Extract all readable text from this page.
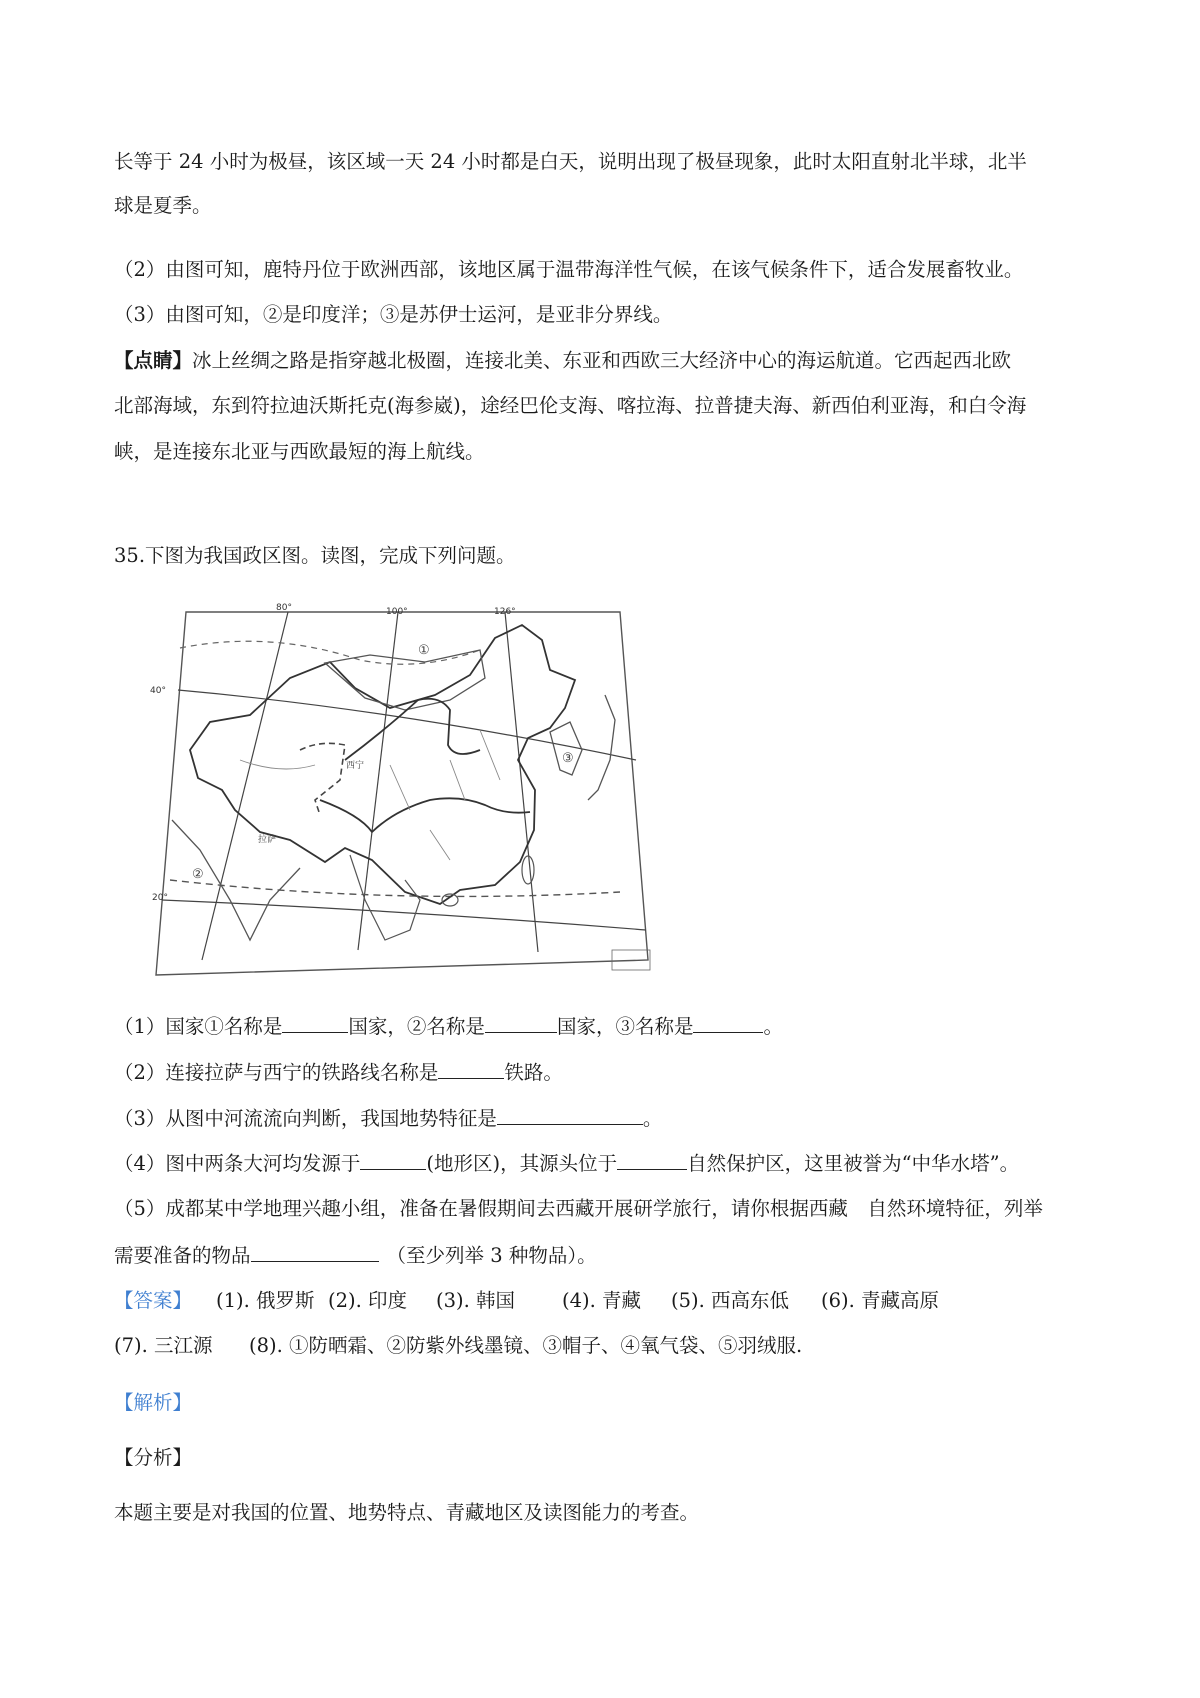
长等于 24 小时为极昼，该区域一天 24 小时都是白天，说明出现了极昼现象，此时太阳直射北半球，北半
球是夏季。
（2）由图可知，鹿特丹位于欧洲西部，该地区属于温带海洋性气候，在该气候条件下，适合发展畜牧业。
（3）由图可知，②是印度洋；③是苏伊士运河，是亚非分界线。
【点睛】冰上丝绸之路是指穿越北极圈，连接北美、东亚和西欧三大经济中心的海运航道。它西起西北欧
北部海域，东到符拉迪沃斯托克(海参崴)，途经巴伦支海、喀拉海、拉普捷夫海、新西伯利亚海，和白令海
峡，是连接东北亚与西欧最短的海上航线。
35.下图为我国政区图。读图，完成下列问题。
80°	100°	126°
40°
20°
①
②
③
西宁
拉萨
（1）国家①名称是	国家，②名称是	国家，③名称是	。
（2）连接拉萨与西宁的铁路线名称是	铁路。
（3）从图中河流流向判断，我国地势特征是	。
（4）图中两条大河均发源于	(地形区)，其源头位于	自然保护区，这里被誉为“中华水塔”。
（5）成都某中学地理兴趣小组，准备在暑假期间去西藏开展研学旅行，请你根据西藏　自然环境特征，列举
需要准备的物品	（至少列举 3 种物品）。
【答案】 (1). 俄罗斯 (2). 印度 (3). 韩国 (4). 青藏 (5). 西高东低 (6). 青藏高原
(7). 三江源 (8). ①防晒霜、②防紫外线墨镜、③帽子、④氧气袋、⑤羽绒服.
【解析】
【分析】
本题主要是对我国的位置、地势特点、青藏地区及读图能力的考查。
